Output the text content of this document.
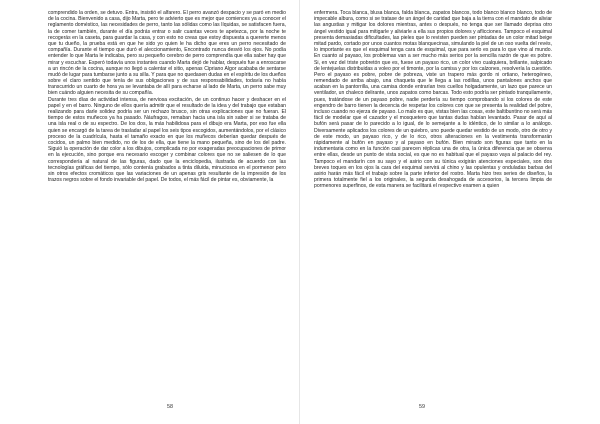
comprendido la orden, se detuvo. Entra, insistió el alfarero. El perro avanzó despacio y se paró en medio de la cocina. Bienvenido a casa, dijo Marta, pero te advierto que es mejor que comiences ya a conocer el reglamento doméstico, las necesidades de perro, tanto las sólidas como las líquidas, se satisfacen fuera, la de comer también, durante el día podrás entrar o salir cuantas veces te apetezca, por la noche te recogerás en la caseta, para guardar la casa, y con esto no creas que estoy dispuesta a quererte menos que tu dueño, la prueba está en que he sido yo quien le ha dicho que eres un perro necesitado de compañía. Durante el tiempo que duró el aleccionamiento, Encontrado nunca desvió los ojos. No podía entender lo que Marta le indicaba, pero su pequeño cerebro de perro comprendía que ella saber hay que mirar y escuchar. Esperó todavía unos instantes cuando Marta dejó de hablar, después fue a enroscarse a un rincón de la cocina, aunque no llegó a calentar el sitio, apenas Cipriano Algor acababa de sentarse mudó de lugar para tumbarse junto a su silla. Y para que no quedasen dudas en el espíritu de los dueños sobre el claro sentido que tenía de sus obligaciones y de sus responsabilidades, todavía no había transcurrido un cuarto de hora ya se levantaba de allí para echarse al lado de Marta, un perro sabe muy bien cuándo alguien necesita de su compañía.
Durante tres días de actividad intensa, de nerviosa excitación, de un continuo hacer y deshacer en el papel y en el barro. Ninguno de ellos quería admitir que el resultado de la idea y del trabajo que estaban realizando para darle solidez podría ser un rechazo brusco, sin otras explicaciones que no fueran. El tiempo de estos muñecos ya ha pasado. Náufragos, remaban hacia una isla sin saber si se trataba de una isla real o de su espectro. De los dos, la más habilidosa para el dibujo era Marta, por eso fue ella quien se encargó de la tarea de trasladar al papel los seis tipos escogidos, aumentándolos, por el clásico proceso de la cuadrícula, hasta el tamaño exacto en que los muñecos deberían quedar después de cocidos, un palmo bien medido, no de los de ella, que tiene la mano pequeña, sino de los del padre. Siguió la operación de dar color a los dibujos, complicada no por exageradas preocupaciones de primor en la ejecución, sino porque era necesario escoger y combinar colores que no se saliesen de lo que correspondería al natural de las figuras, dado que la enciclopedia, ilustrada de acuerdo con las tecnologías gráficas del tiempo, sólo contenía grabados a tinta diluida, minuciosos en el pormenor pero sin otros efectos cromáticos que las variaciones de un apenas gris resultante de la impresión de los trazos negros sobre el fondo invariable del papel. De todos, el más fácil de pintar es, obviamente, la
58
enfermera. Toca blanca, blusa blanca, falda blanca, zapatos blancos, todo blanco blanco blanco, todo de impecable albura, como si se tratase de un ángel de caridad que baja a la tierra con el mandato de aliviar las angustias y mitigar los dolores mientras, antes o después, no tenga que ser llamado deprisa otro ángel vestido igual para mitigarle y aliviarle a ella sus propios dolores y aflicciones. Tampoco el esquimal presenta demasiadas dificultades, las pieles que lo revisten pueden ser pintadas de un color mitad beige mitad pardo, cortado por unos cuantos motas blanquecinas, simulando la piel de un oso vuelta del revés, lo importante es que el esquimal tenga cara de esquimal, que para serlo es para lo que vino al mundo. En cuanto al payaso, los problemas van a ser mucho más serios por la sencilla razón de que es pobre. Si, en vez del triste pobretón que es, fuese un payaso rico, un color vivo cualquiera, brillante, salpicado de lentejuelas distribuidas a voleo por el timonte, por la camisa y por los calzones, resolvería la cuestión. Pero el payaso es pobre, pobre de pobreza, viste un trapero más gordo ni ortiano, heterogéneo, remendado de arriba abajo, una chaqueta que le llega a las rodillas, unos pantalones anchos que acaban en la pantorrilla, una camisa donde entrarían tres cuellos holgadamente, un lazo que parece un ventilador, un chaleco delirante, unos zapatos como barcas. Todo esto podría ser pintado tranquilamente, pues, tratándose de un payaso pobre, nadie perdería su tiempo comprobando si los colores de este engendro de barro tienen la decencia de respetar los colores con que se presenta la realidad del pobre, incluso cuando no ejerza de payaso. Lo malo es que, vistas bien las cosas, este baltibuntino no será más fácil de modelar que el cazador y el mosquetero que tantas dudas habían levantado. Pasar de aquí al bufón será pasar de lo parecido a lo igual, de lo semejante a lo idéntico, de lo similar a lo análogo. Diversamente aplicados los colores de un quiebro, uno puede quedar vestido de un modo, otro de otro y de este modo, un payaso rico, y de lo rico, otros alteraciones en la vestimenta transformarán rápidamente al bufón en payaso y al payaso en bufón. Bien mirado son figuras que tanto en la indumentaria como en la función casi parecen réplicas una de otra, la única diferencia que se observa entre ellas, desde un punto de vista social, es que no es habitual que el payaso vaya al palacio del rey. Tampoco el mandarín con su sayo y el asirio con su túnica exigirán atenciones especiales, son dos breves toques en los ojos la cara del esquimal servirá al chino y las opulentas y onduladas barbas del asirio harán más fácil el trabajo sobre la parte inferior del rostro. Marta hizo tres series de diseños, la primera totalmente fiel a los originales, la segunda desahogada de accesorios, la tercera limpia de pormenores superfinos, de esta manera se facilitará el respectivo examen a quien
59
